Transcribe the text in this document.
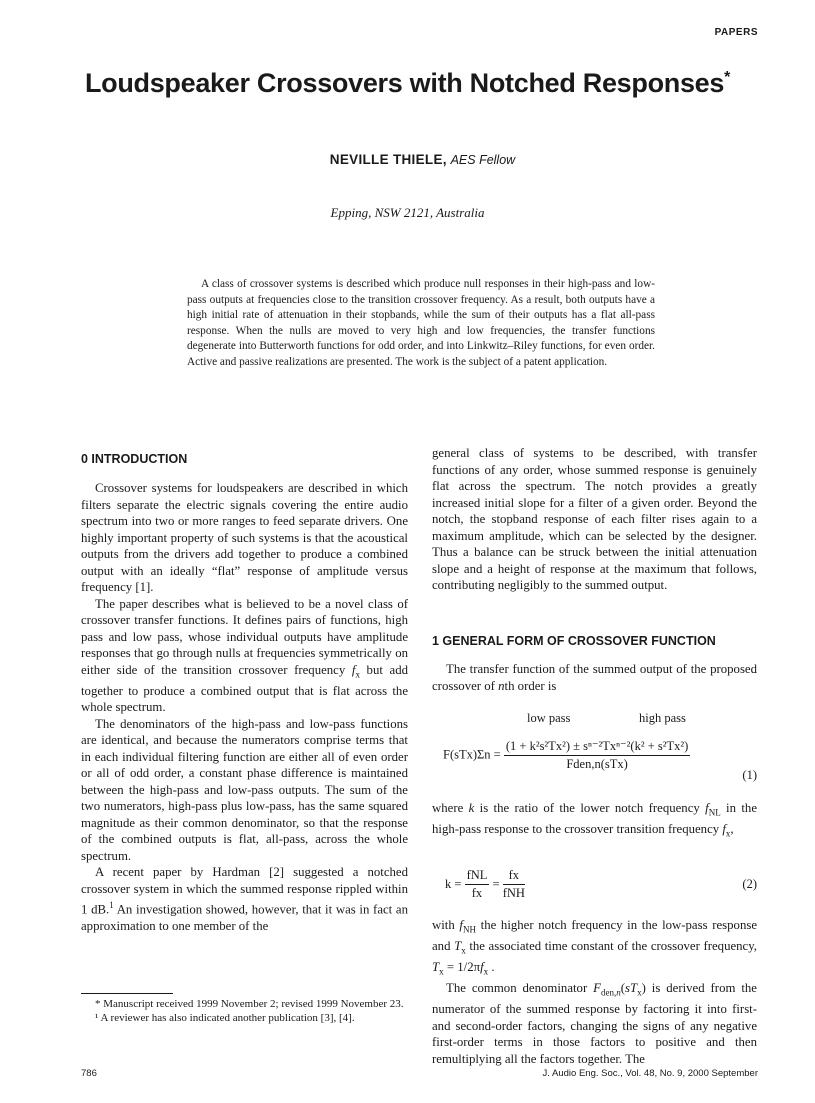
PAPERS
Loudspeaker Crossovers with Notched Responses*
NEVILLE THIELE, AES Fellow
Epping, NSW 2121, Australia
A class of crossover systems is described which produce null responses in their high-pass and low-pass outputs at frequencies close to the transition crossover frequency. As a result, both outputs have a high initial rate of attenuation in their stopbands, while the sum of their outputs has a flat all-pass response. When the nulls are moved to very high and low frequencies, the transfer functions degenerate into Butterworth functions for odd order, and into Linkwitz–Riley functions, for even order. Active and passive realizations are presented. The work is the subject of a patent application.
0 INTRODUCTION

Crossover systems for loudspeakers are described in which filters separate the electric signals covering the entire audio spectrum into two or more ranges to feed separate drivers. One highly important property of such systems is that the acoustical outputs from the drivers add together to produce a combined output with an ideally “flat” response of amplitude versus frequency [1].

The paper describes what is believed to be a novel class of crossover transfer functions. It defines pairs of functions, high pass and low pass, whose individual outputs have amplitude responses that go through nulls at frequencies symmetrically on either side of the transition crossover frequency $f_x$ but add together to produce a combined output that is flat across the whole spectrum.

The denominators of the high-pass and low-pass functions are identical, and because the numerators comprise terms that in each individual filtering function are either all of even order or all of odd order, a constant phase difference is maintained between the high-pass and low-pass outputs. The sum of the two numerators, high-pass plus low-pass, has the same squared magnitude as their common denominator, so that the response of the combined outputs is flat, all-pass, across the whole spectrum.

A recent paper by Hardman [2] suggested a notched crossover system in which the summed response rippled within 1 dB.$^1$ An investigation showed, however, that it was in fact an approximation to one member of the

general class of systems to be described, with transfer functions of any order, whose summed response is genuinely flat across the spectrum. The notch provides a greatly increased initial slope for a filter of a given order. Beyond the notch, the stopband response of each filter rises again to a maximum amplitude, which can be selected by the designer. Thus a balance can be struck between the initial attenuation slope and a height of response at the maximum that follows, contributing negligibly to the summed output.

1 GENERAL FORM OF CROSSOVER FUNCTION

The transfer function of the summed output of the proposed crossover of nth order is

low pass	high pass
$F(sTx)\Sigma n = \frac{\text{(1 + k²s²Tx²) ± sⁿ⁻²Txⁿ⁻²(k² + s²Tx²)}}{\text{Fden,n(sTx)}}$
(1)

where k is the ratio of the lower notch frequency $f_{NL}$ in the high-pass response to the crossover transition frequency $f_x$,

$k = \frac{\text{fNL}}{fx} = \frac{fx}{\text{fNH}}$	(2)

with $f_{NH}$ the higher notch frequency in the low-pass response and $T_x$ the associated time constant of the crossover frequency, $T_x = 1/2\pi f_x$ .

The common denominator $F_{den,n}(sT_x)$ is derived from the numerator of the summed response by factoring it into first- and second-order factors, changing the signs of any negative first-order terms in those factors to positive and then remultiplying all the factors together. The

* Manuscript received 1999 November 2; revised 1999 November 23.

¹ A reviewer has also indicated another publication [3], [4].

786	J. Audio Eng. Soc., Vol. 48, No. 9, 2000 September
